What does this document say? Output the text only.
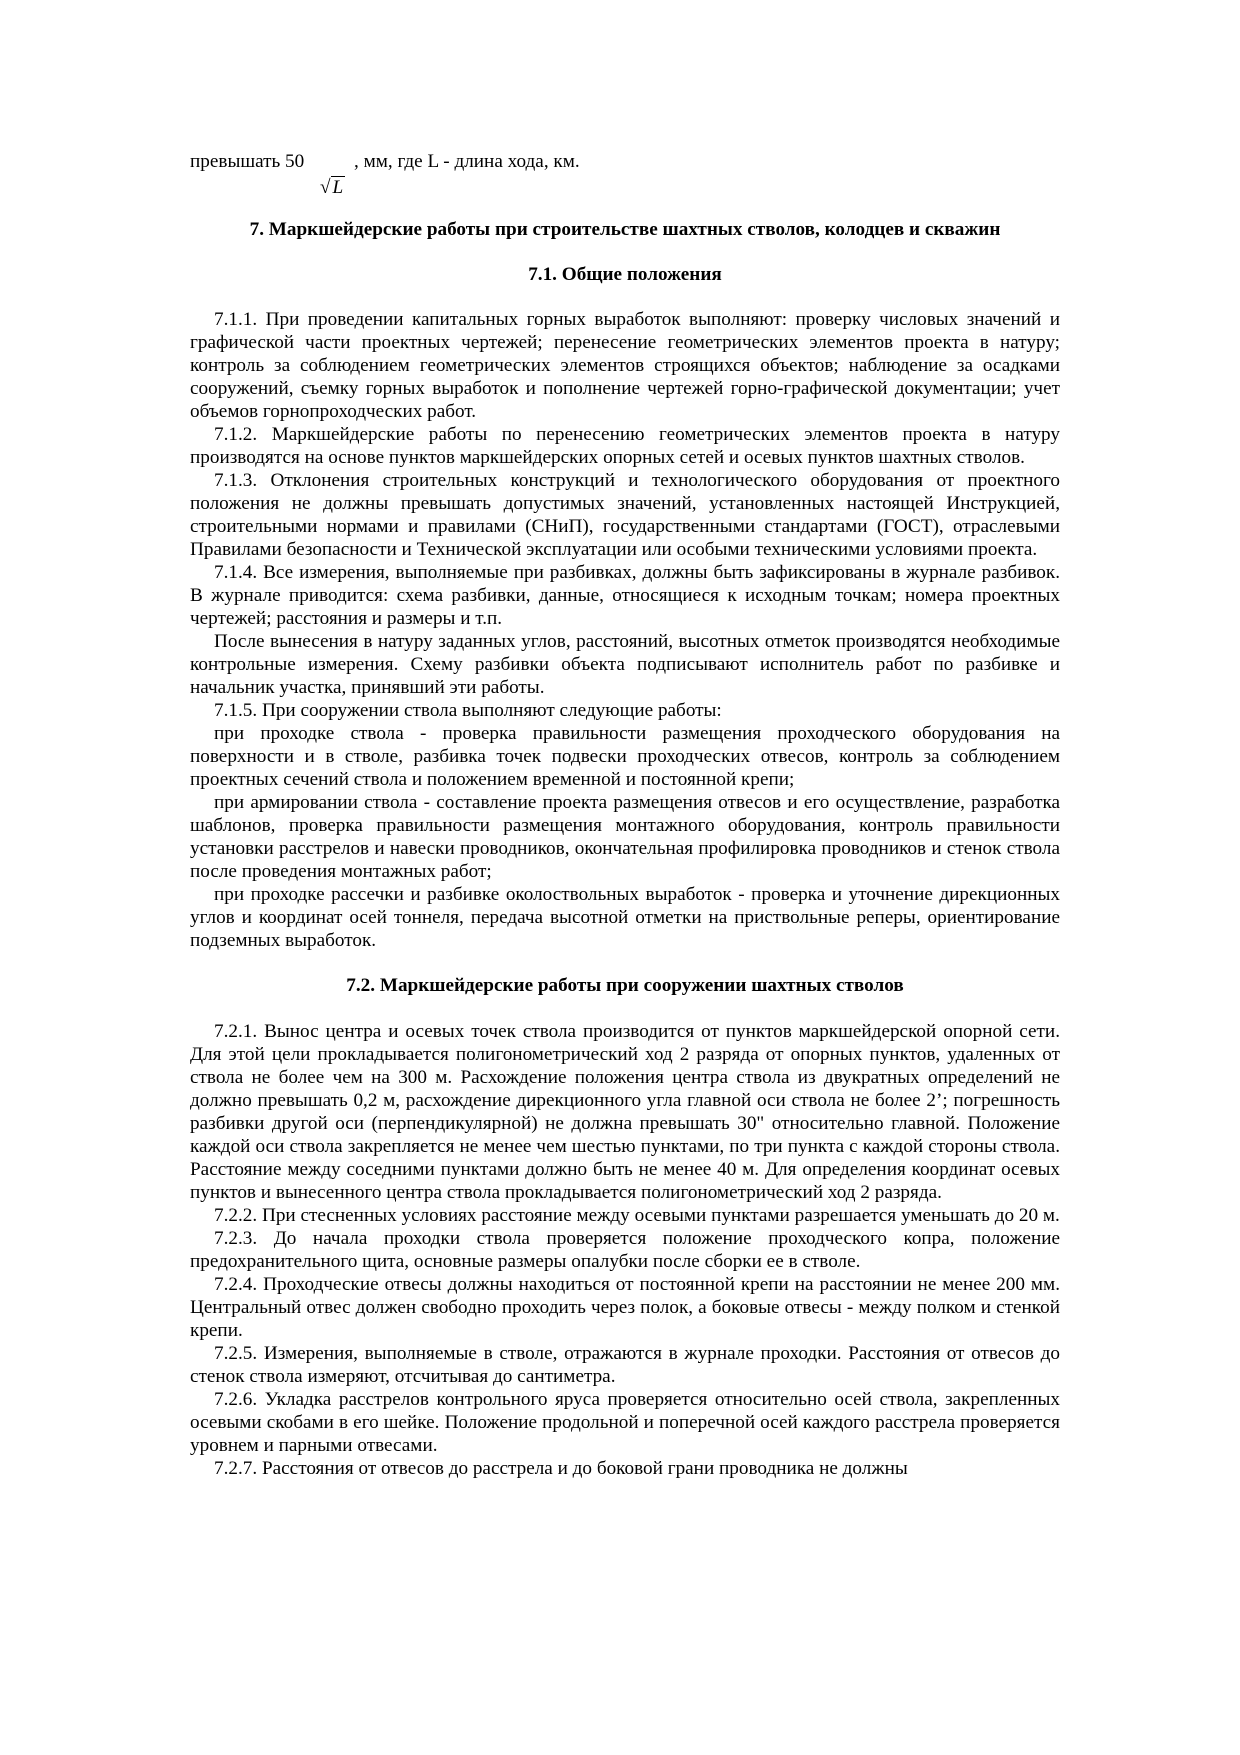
превышать 50
√ L
, мм, где L - длина хода, км.
7. Маркшейдерские работы при строительстве шахтных стволов, колодцев и скважин
7.1. Общие положения

7.1.1. При проведении капитальных горных выработок выполняют: проверку числовых значений и графической части проектных чертежей; перенесение геометрических элементов проекта в натуру; контроль за соблюдением геометрических элементов строящихся объектов; наблюдение за осадками сооружений, съемку горных выработок и пополнение чертежей горно-графической документации; учет объемов горнопроходческих работ.

7.1.2. Маркшейдерские работы по перенесению геометрических элементов проекта в натуру производятся на основе пунктов маркшейдерских опорных сетей и осевых пунктов шахтных стволов.

7.1.3. Отклонения строительных конструкций и технологического оборудования от проектного положения не должны превышать допустимых значений, установленных настоящей Инструкцией, строительными нормами и правилами (СНиП), государственными стандартами (ГОСТ), отраслевыми Правилами безопасности и Технической эксплуатации или особыми техническими условиями проекта.

7.1.4. Все измерения, выполняемые при разбивках, должны быть зафиксированы в журнале разбивок. В журнале приводится: схема разбивки, данные, относящиеся к исходным точкам; номера проектных чертежей; расстояния и размеры и т.п.

После вынесения в натуру заданных углов, расстояний, высотных отметок производятся необходимые контрольные измерения. Схему разбивки объекта подписывают исполнитель работ по разбивке и начальник участка, принявший эти работы.

7.1.5. При сооружении ствола выполняют следующие работы:

при проходке ствола - проверка правильности размещения проходческого оборудования на поверхности и в стволе, разбивка точек подвески проходческих отвесов, контроль за соблюдением проектных сечений ствола и положением временной и постоянной крепи;

при армировании ствола - составление проекта размещения отвесов и его осуществление, разработка шаблонов, проверка правильности размещения монтажного оборудования, контроль правильности установки расстрелов и навески проводников, окончательная профилировка проводников и стенок ствола после проведения монтажных работ;

при проходке рассечки и разбивке околоствольных выработок - проверка и уточнение дирекционных углов и координат осей тоннеля, передача высотной отметки на приствольные реперы, ориентирование подземных выработок.

7.2. Маркшейдерские работы при сооружении шахтных стволов

7.2.1. Вынос центра и осевых точек ствола производится от пунктов маркшейдерской опорной сети. Для этой цели прокладывается полигонометрический ход 2 разряда от опорных пунктов, удаленных от ствола не более чем на 300 м. Расхождение положения центра ствола из двукратных определений не должно превышать 0,2 м, расхождение дирекционного угла главной оси ствола не более 2’; погрешность разбивки другой оси (перпендикулярной) не должна превышать 30" относительно главной. Положение каждой оси ствола закрепляется не менее чем шестью пунктами, по три пункта с каждой стороны ствола. Расстояние между соседними пунктами должно быть не менее 40 м. Для определения координат осевых пунктов и вынесенного центра ствола прокладывается полигонометрический ход 2 разряда.

7.2.2. При стесненных условиях расстояние между осевыми пунктами разрешается уменьшать до 20 м.

7.2.3. До начала проходки ствола проверяется положение проходческого копра, положение предохранительного щита, основные размеры опалубки после сборки ее в стволе.

7.2.4. Проходческие отвесы должны находиться от постоянной крепи на расстоянии не менее 200 мм. Центральный отвес должен свободно проходить через полок, а боковые отвесы - между полком и стенкой крепи.

7.2.5. Измерения, выполняемые в стволе, отражаются в журнале проходки. Расстояния от отвесов до стенок ствола измеряют, отсчитывая до сантиметра.

7.2.6. Укладка расстрелов контрольного яруса проверяется относительно осей ствола, закрепленных осевыми скобами в его шейке. Положение продольной и поперечной осей каждого расстрела проверяется уровнем и парными отвесами.

7.2.7. Расстояния от отвесов до расстрела и до боковой грани проводника не должны
